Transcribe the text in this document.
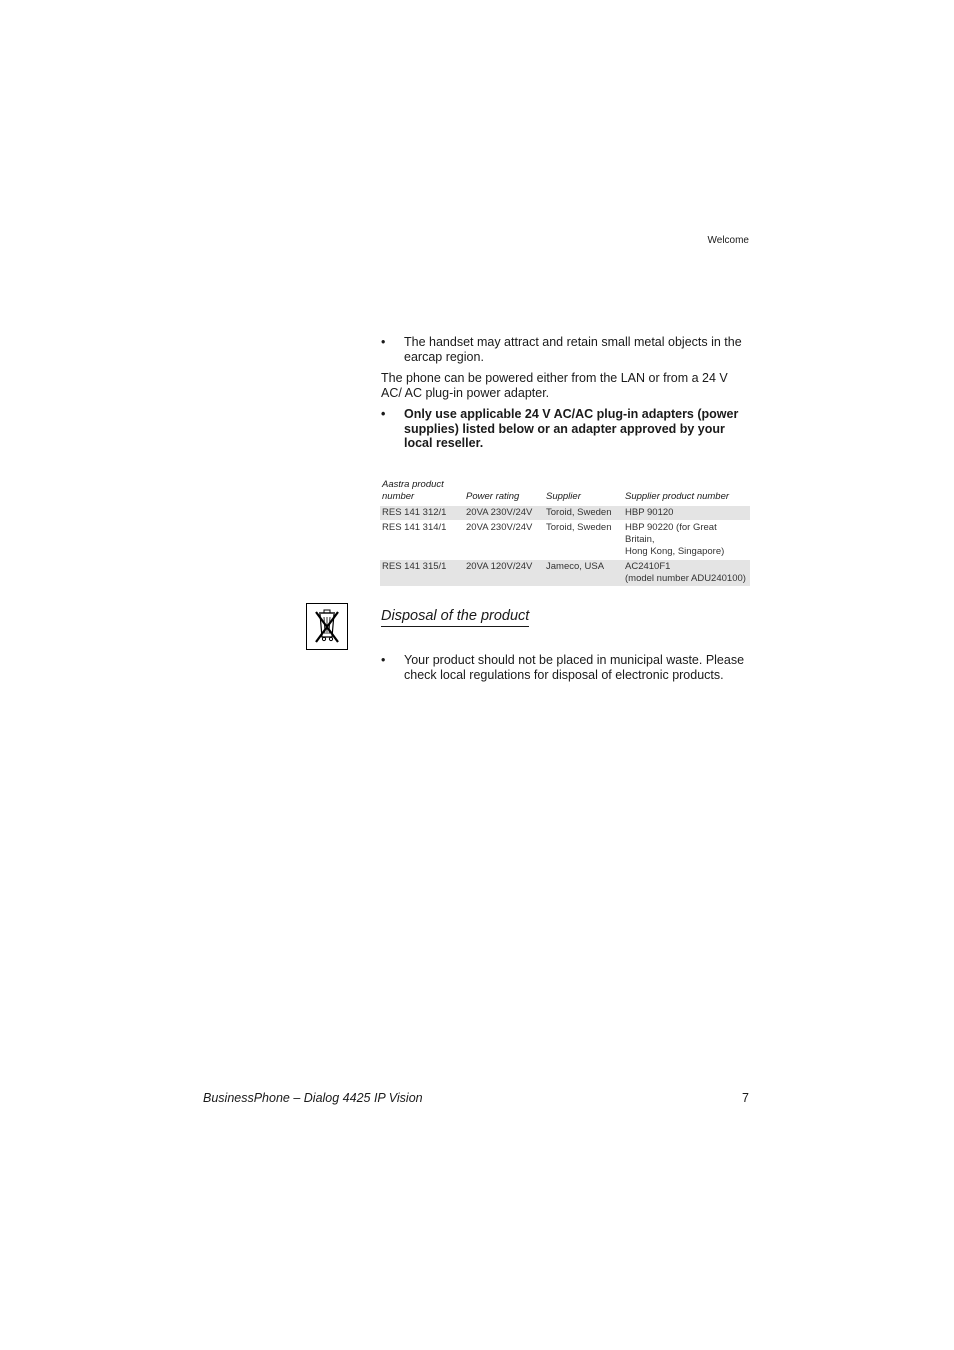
Welcome

• The handset may attract and retain small metal objects in the earcap region.

The phone can be powered either from the LAN or from a 24 V AC/ AC plug-in power adapter.

• Only use applicable 24 V AC/AC plug-in adapters (power supplies) listed below or an adapter approved by your local reseller.

Aastra product
number	Power rating	Supplier	Supplier product number
RES 141 312/1	20VA 230V/24V	Toroid, Sweden	HBP 90120

RES 141 314/1	20VA 230V/24V	Toroid, Sweden	HBP 90220 (for Great Britain,
Hong Kong, Singapore)

RES 141 315/1	20VA 120V/24V	Jameco, USA	AC2410F1
(model number ADU240100)
Disposal of the product

• Your product should not be placed in municipal waste. Please check local regulations for disposal of electronic products.

BusinessPhone – Dialog 4425 IP Vision	7
